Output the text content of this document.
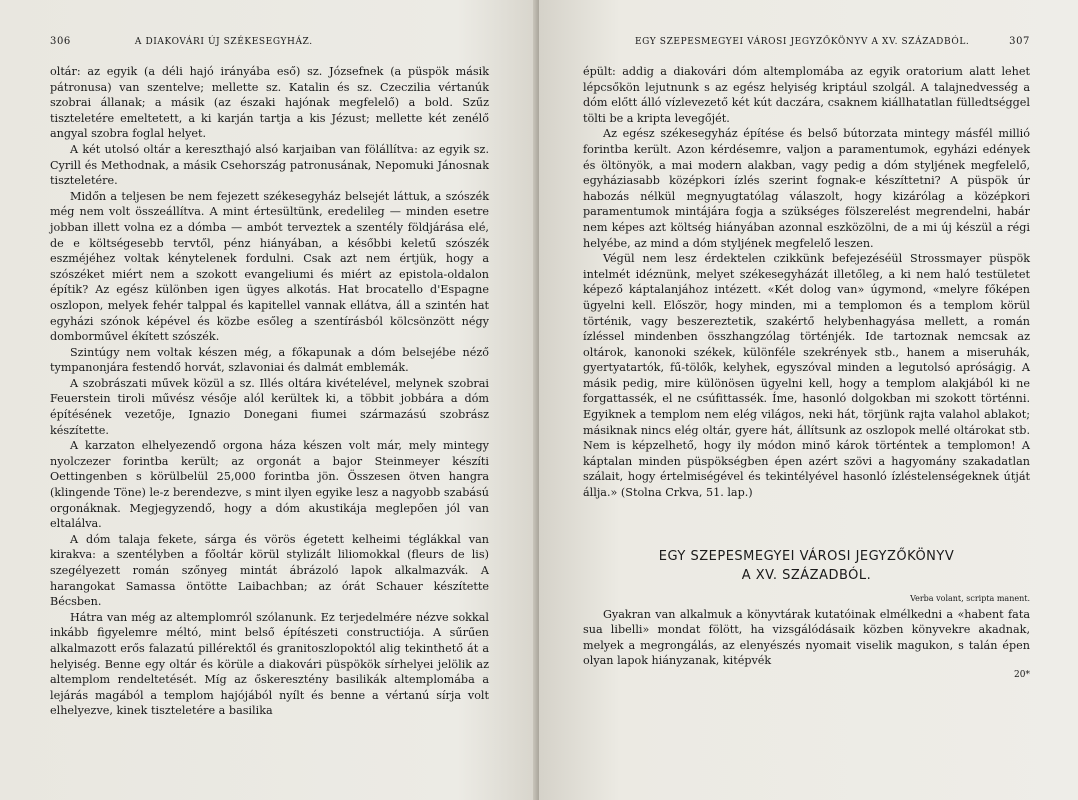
306	A DIAKOVÁRI ÚJ SZÉKESEGYHÁZ.

oltár: az egyik (a déli hajó irányába eső) sz. Józsefnek (a püspök másik pátronusa) van szentelve; mellette sz. Katalin és sz. Czeczilia vértanúk szobrai állanak; a másik (az északi hajónak megfelelő) a bold. Szűz tiszteletére emeltetett, a ki karján tartja a kis Jézust; mellette két zenélő angyal szobra foglal helyet.

A két utolsó oltár a kereszthajó alsó karjaiban van fölállítva: az egyik sz. Cyrill és Methodnak, a másik Csehország patronusának, Nepomuki Jánosnak tiszteletére.

Midőn a teljesen be nem fejezett székesegyház belsejét láttuk, a szószék még nem volt összeállítva. A mint értesültünk, eredelileg — minden esetre jobban illett volna ez a dómba — ambót terveztek a szentély földjárása elé, de e költségesebb tervtől, pénz hiányában, a későbbi keletű szószék eszméjéhez voltak kénytelenek fordulni. Csak azt nem értjük, hogy a szószéket miért nem a szokott evangeliumi és miért az epistola-oldalon építik? Az egész különben igen ügyes alkotás. Hat brocatello d'Espagne oszlopon, melyek fehér talppal és kapitellel vannak ellátva, áll a szintén hat egyházi szónok képével és közbe esőleg a szentírásból kölcsönzött négy domborművel ékített szószék.

Szintúgy nem voltak készen még, a főkapunak a dóm belsejébe néző tympanonjára festendő horvát, szlavoniai és dalmát emblemák.

A szobrászati művek közül a sz. Illés oltára kivételével, melynek szobrai Feuerstein tiroli művész vésője alól kerültek ki, a többit jobbára a dóm építésének vezetője, Ignazio Donegani fiumei származású szobrász készítette.

A karzaton elhelyezendő orgona háza készen volt már, mely mintegy nyolczezer forintba került; az orgonát a bajor Steinmeyer készíti Oettingenben s körülbelül 25,000 forintba jön. Összesen ötven hangra (klingende Töne) le-z berendezve, s mint ilyen egyike lesz a nagyobb szabású orgonáknak. Megjegyzendő, hogy a dóm akustikája meglepően jól van eltalálva.

A dóm talaja fekete, sárga és vörös égetett kelheimi téglákkal van kirakva: a szentélyben a főoltár körül stylizált liliomokkal (fleurs de lis) szegélyezett román szőnyeg mintát ábrázoló lapok alkalmazvák. A harangokat Samassa öntötte Laibachban; az órát Schauer készítette Bécsben.

Hátra van még az altemplomról szólanunk. Ez terjedelmére nézve sokkal inkább figyelemre méltó, mint belső építészeti constructiója. A sűrűen alkalmazott erős falazatú pillérektől és granitoszlopoktól alig tekinthető át a helyiség. Benne egy oltár és körüle a diakovári püspökök sírhelyei jelölik az altemplom rendeltetését. Míg az őskeresztény basilikák altemplomába a lejárás magából a templom hajójából nyílt és benne a vértanú sírja volt elhelyezve, kinek tiszteletére a basilika

EGY SZEPESMEGYEI VÁROSI JEGYZŐKÖNYV A XV. SZÁZADBÓL.	307

épült: addig a diakovári dóm altemplomába az egyik oratorium alatt lehet lépcsőkön lejutnunk s az egész helyiség kriptául szolgál. A talajnedvesség a dóm előtt álló vízlevezető két kút daczára, csaknem kiállhatatlan fülledtséggel tölti be a kripta levegőjét.

Az egész székesegyház építése és belső bútorzata mintegy másfél millió forintba került. Azon kérdésemre, valjon a paramentumok, egyházi edények és öltönyök, a mai modern alakban, vagy pedig a dóm styljének megfelelő, egyháziasabb középkori ízlés szerint fognak-e készíttetni? A püspök úr habozás nélkül megnyugtatólag válaszolt, hogy kizárólag a középkori paramentumok mintájára fogja a szükséges fölszerelést megrendelni, habár nem képes azt költség hiányában azonnal eszközölni, de a mi új készül a régi helyébe, az mind a dóm styljének megfelelő leszen.

Végül nem lesz érdektelen czikkünk befejezéséül Strossmayer püspök intelmét idéznünk, melyet székesegyházát illetőleg, a ki nem haló testületet képező káptalanjához intézett. «Két dolog van» úgymond, «melyre főképen ügyelni kell. Először, hogy minden, mi a templomon és a templom körül történik, vagy beszereztetik, szakértő helybenhagyása mellett, a román ízléssel mindenben összhangzólag történjék. Ide tartoznak nemcsak az oltárok, kanonoki székek, különféle szekrények stb., hanem a miseruhák, gyertyatartók, fű-tölők, kelyhek, egyszóval minden a legutolsó apróságig. A másik pedig, mire különösen ügyelni kell, hogy a templom alakjából ki ne forgattassék, el ne csúfittassék. Íme, hasonló dolgokban mi szokott történni. Egyiknek a templom nem elég világos, neki hát, törjünk rajta valahol ablakot; másiknak nincs elég oltár, gyere hát, állítsunk az oszlopok mellé oltárokat stb. Nem is képzelhető, hogy ily módon minő károk történtek a templomon! A káptalan minden püspökségben épen azért szövi a hagyomány szakadatlan szálait, hogy értelmiségével és tekintélyével hasonló ízléstelenségeknek útját állja.» (Stolna Crkva, 51. lap.)

EGY SZEPESMEGYEI VÁROSI JEGYZŐKÖNYV
A XV. SZÁZADBÓL.
Verba volant, scripta manent.

Gyakran van alkalmuk a könyvtárak kutatóinak elmélkedni a «habent fata sua libelli» mondat fölött, ha vizsgálódásaik közben könyvekre akadnak, melyek a megrongálás, az elenyészés nyomait viselik magukon, s talán épen olyan lapok hiányzanak, kitépvék

20*
